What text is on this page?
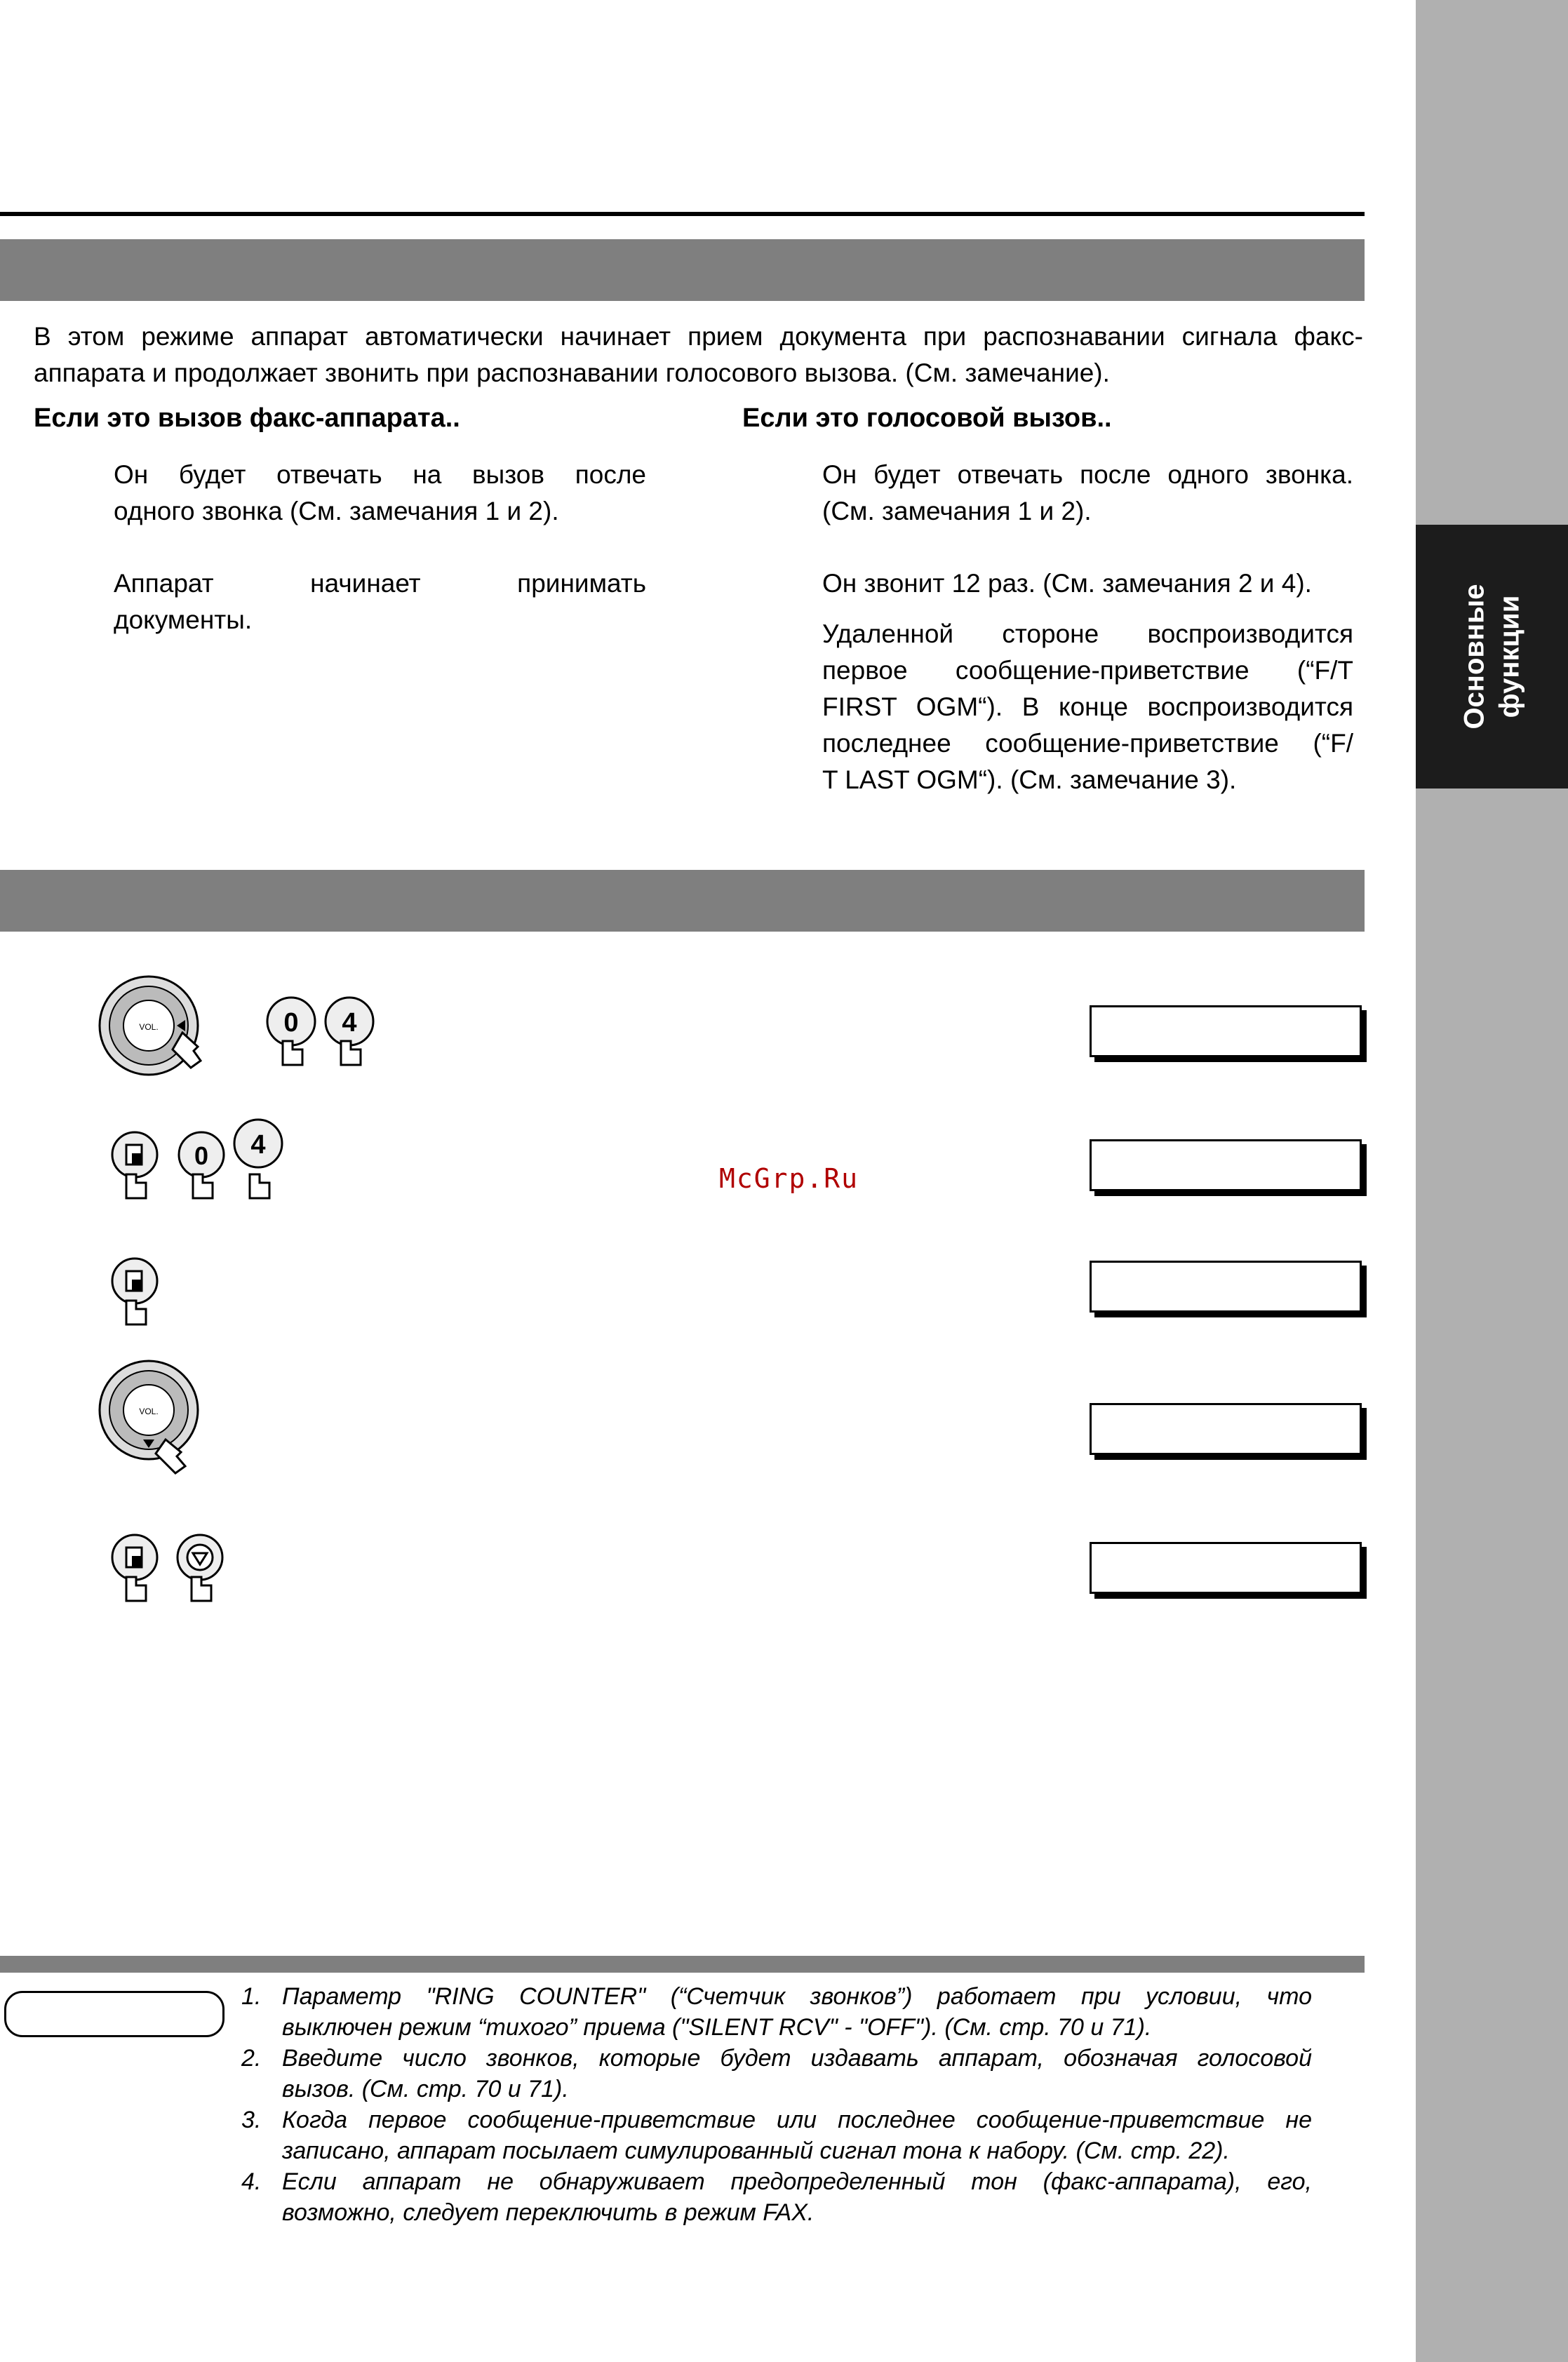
Основные функции
В этом режиме аппарат автоматически начинает прием документа при распознавании сигнала факс-
аппарата и продолжает звонить при распознавании голосового вызова. (См. замечание).
Если это вызов факс-аппарата..	Если это голосовой вызов..
Он будет отвечать на вызов после
одного звонка (См. замечания 1 и 2).
Аппарат начинает принимать
документы.
Он будет отвечать после одного звонка.
(См. замечания 1 и 2).
Он звонит 12 раз. (См. замечания 2 и 4).
Удаленной стороне воспроизводится
первое сообщение-приветствие (“F/T
FIRST OGM“). В конце воспроизводится
последнее сообщение-приветствие (“F/
T LAST OGM“). (См. замечание 3).
VOL.	0 4
0 4
McGrp.Ru
VOL.
1. Параметр "RING COUNTER" (“Счетчик звонков”) работает при условии, что
выключен режим “тихого” приема ("SILENT RCV" - "OFF"). (См. стр. 70 и 71).
2. Введите число звонков, которые будет издавать аппарат, обозначая голосовой
вызов. (См. стр. 70 и 71).
3. Когда первое сообщение-приветствие или последнее сообщение-приветствие не
записано, аппарат посылает симулированный сигнал тона к набору. (См. стр. 22).
4. Если аппарат не обнаруживает предопределенный тон (факс-аппарата), его,
возможно, следует переключить в режим FAX.
